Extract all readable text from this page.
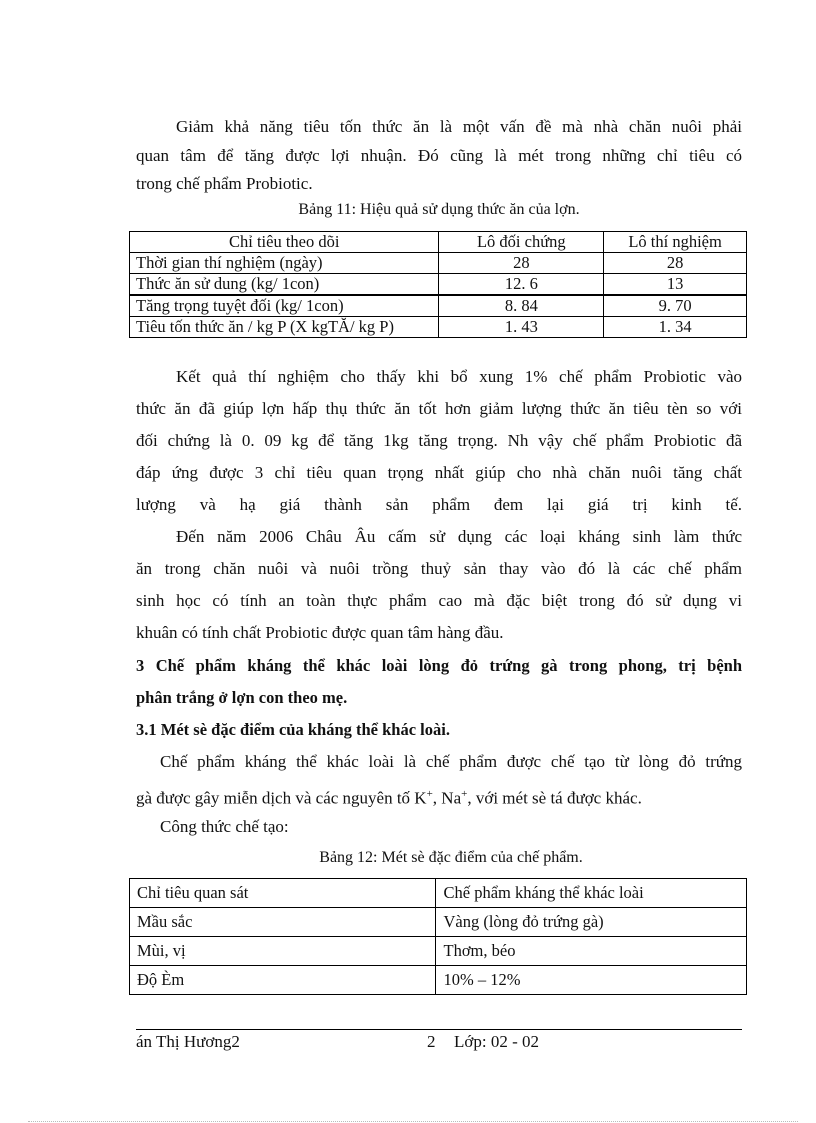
Giảm khả năng tiêu tốn thức ăn là một vấn đề mà nhà chăn nuôi phải
quan tâm để tăng được lợi nhuận. Đó cũng là mét trong những chỉ tiêu có
trong chế phẩm Probiotic.
Bảng 11: Hiệu quả sử dụng thức ăn của lợn.
Chỉ tiêu theo dõi	Lô đối chứng	Lô thí nghiệm
Thời gian thí nghiệm (ngày)	28	28
Thức ăn sử dung (kg/ 1con)	12. 6	13
Tăng trọng tuyệt đối (kg/ 1con)	8. 84	9. 70
Tiêu tốn thức ăn / kg P (X kgTĂ/ kg P)	1. 43	1. 34
Kết quả thí nghiệm cho thấy khi bổ xung 1% chế phẩm Probiotic vào
thức ăn đã giúp lợn hấp thụ thức ăn tốt hơn giảm lượng thức ăn tiêu tèn so với
đối chứng là 0. 09 kg để tăng 1kg tăng trọng. Nh vậy chế phẩm Probiotic đã
đáp ứng được 3 chỉ tiêu quan trọng nhất giúp cho nhà chăn nuôi tăng chất
lượng và hạ giá thành sản phẩm đem lại giá trị kinh tế.
Đến năm 2006 Châu Âu cấm sử dụng các loại kháng sinh làm thức
ăn trong chăn nuôi và nuôi trồng thuỷ sản thay vào đó là các chế phẩm
sinh học có tính an toàn thực phẩm cao mà đặc biệt trong đó sử dụng vi
khuân có tính chất Probiotic được quan tâm hàng đầu.
3 Chế phẩm kháng thể khác loài lòng đỏ trứng gà trong phong, trị bệnh
phân trắng ở lợn con theo mẹ.
3.1 Mét sè đặc điểm của kháng thể khác loài.
Chế phẩm kháng thể khác loài là chế phẩm được chế tạo từ lòng đỏ trứng
gà được gây miễn dịch và các nguyên tố K+, Na+, với mét sè tá được khác.
Công thức chế tạo:
Bảng 12: Mét sè đặc điểm của chế phẩm.
Chỉ tiêu quan sát	Chế phẩm kháng thể khác loài
Mầu sắc	Vàng (lòng đỏ trứng gà)
Mùi, vị	Thơm, béo
Độ Èm	10% – 12%
án Thị Hương2	2 Lớp: 02 - 02
